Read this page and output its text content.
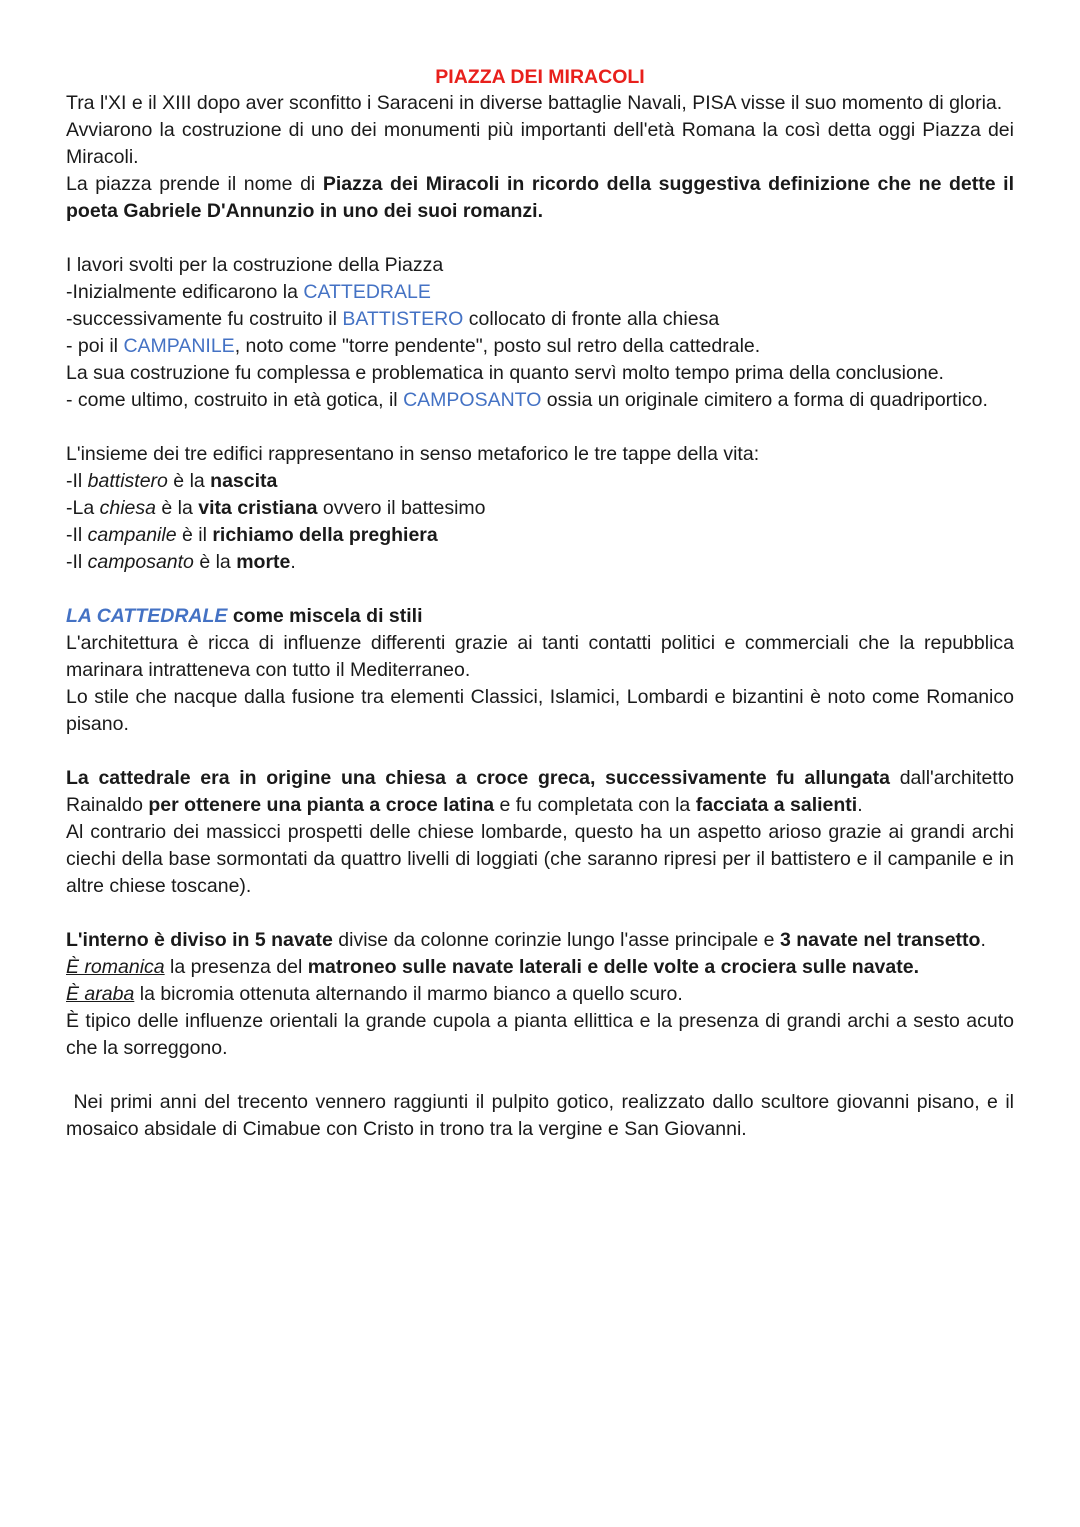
PIAZZA DEI MIRACOLI

Tra l'XI e il XIII dopo aver sconfitto i Saraceni in diverse battaglie Navali, PISA visse il suo momento di gloria.

Avviarono la costruzione di uno dei monumenti più importanti dell'età Romana la così detta oggi Piazza dei Miracoli.

La piazza prende il nome di Piazza dei Miracoli in ricordo della suggestiva definizione che ne dette il poeta Gabriele D'Annunzio in uno dei suoi romanzi.

I lavori svolti per la costruzione della Piazza

-Inizialmente edificarono la CATTEDRALE

-successivamente fu costruito il BATTISTERO collocato di fronte alla chiesa

- poi il CAMPANILE, noto come "torre pendente", posto sul retro della cattedrale.

La sua costruzione fu complessa e problematica in quanto servì molto tempo prima della conclusione.

- come ultimo, costruito in età gotica, il CAMPOSANTO ossia un originale cimitero a forma di quadriportico.

L'insieme dei tre edifici rappresentano in senso metaforico le tre tappe della vita:

-Il battistero è la nascita

-La chiesa è la vita cristiana ovvero il battesimo

-Il campanile è il richiamo della preghiera

-Il camposanto è la morte.

LA CATTEDRALE come miscela di stili

L'architettura è ricca di influenze differenti grazie ai tanti contatti politici e commerciali che la repubblica marinara intratteneva con tutto il Mediterraneo.

Lo stile che nacque dalla fusione tra elementi Classici, Islamici, Lombardi e bizantini è noto come Romanico pisano.

La cattedrale era in origine una chiesa a croce greca, successivamente fu allungata dall'architetto Rainaldo per ottenere una pianta a croce latina e fu completata con la facciata a salienti.

Al contrario dei massicci prospetti delle chiese lombarde, questo ha un aspetto arioso grazie ai grandi archi ciechi della base sormontati da quattro livelli di loggiati (che saranno ripresi per il battistero e il campanile e in altre chiese toscane).

L'interno è diviso in 5 navate divise da colonne corinzie lungo l'asse principale e 3 navate nel transetto.

È romanica la presenza del matroneo sulle navate laterali e delle volte a crociera sulle navate.

È araba la bicromia ottenuta alternando il marmo bianco a quello scuro.

È tipico delle influenze orientali la grande cupola a pianta ellittica e la presenza di grandi archi a sesto acuto che la sorreggono.

Nei primi anni del trecento vennero raggiunti il pulpito gotico, realizzato dallo scultore giovanni pisano, e il mosaico absidale di Cimabue con Cristo in trono tra la vergine e San Giovanni.
